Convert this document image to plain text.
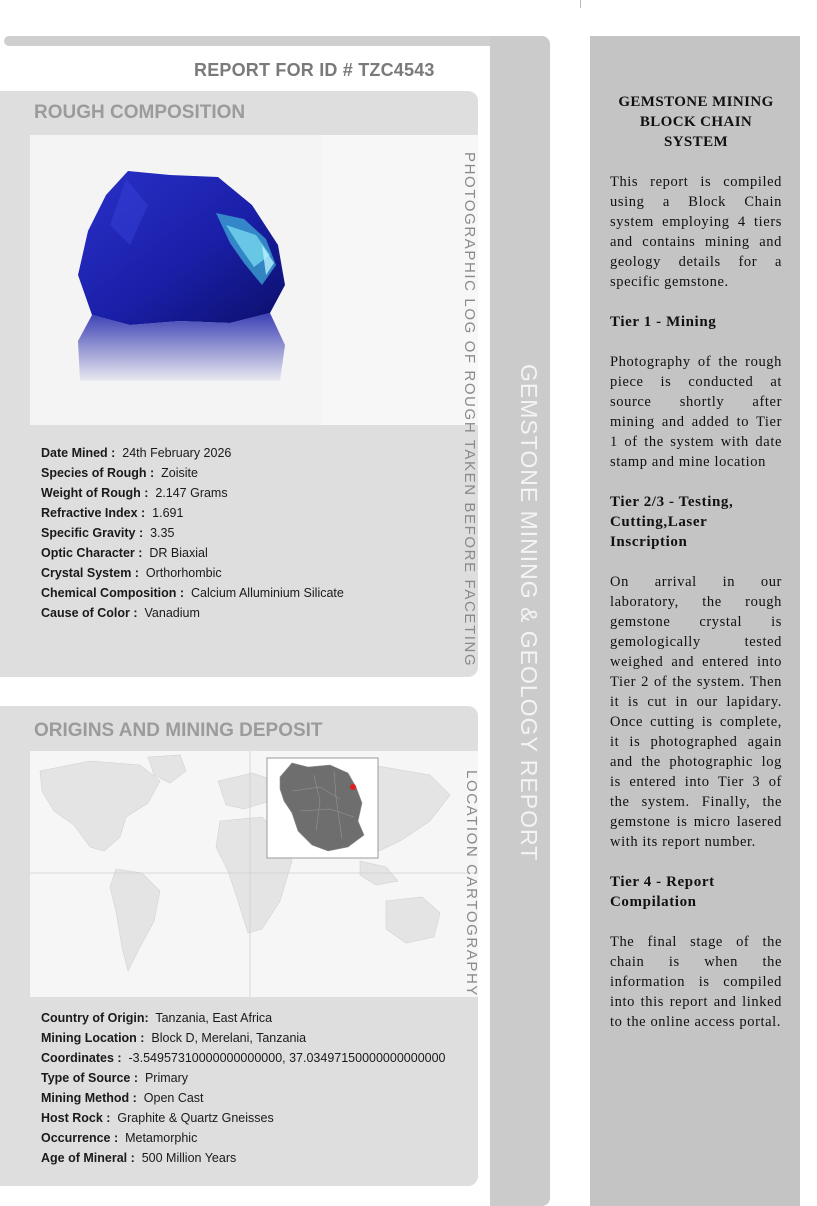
REPORT FOR ID # TZC4543
GEMSTONE MINING & GEOLOGY REPORT
ROUGH COMPOSITION
PHOTOGRAPHIC LOG OF ROUGH TAKEN BEFORE FACETING
Date Mined : 24th February 2026
Species of Rough : Zoisite
Weight of Rough : 2.147 Grams
Refractive Index : 1.691
Specific Gravity : 3.35
Optic Character : DR Biaxial
Crystal System : Orthorhombic
Chemical Composition : Calcium Alluminium Silicate
Cause of Color : Vanadium
ORIGINS AND MINING DEPOSIT
LOCATION CARTOGRAPHY
Country of Origin: Tanzania, East Africa
Mining Location : Block D, Merelani, Tanzania
Coordinates : -3.54957310000000000000, 37.03497150000000000000
Type of Source : Primary
Mining Method : Open Cast
Host Rock : Graphite & Quartz Gneisses
Occurrence : Metamorphic
Age of Mineral : 500 Million Years
GEMSTONE MINING BLOCK CHAIN SYSTEM
This report is compiled using a Block Chain system employing 4 tiers and contains mining and geology details for a specific gemstone.
Tier 1 - Mining
Photography of the rough piece is conducted at source shortly after mining and added to Tier 1 of the system with date stamp and mine location
Tier 2/3 - Testing, Cutting,Laser Inscription
On arrival in our laboratory, the rough gemstone crystal is gemologically tested weighed and entered into Tier 2 of the system. Then it is cut in our lapidary. Once cutting is complete, it is photographed again and the photographic log is entered into Tier 3 of the system. Finally, the gemstone is micro lasered with its report number.
Tier 4 - Report Compilation
The final stage of the chain is when the information is compiled into this report and linked to the online access portal.
